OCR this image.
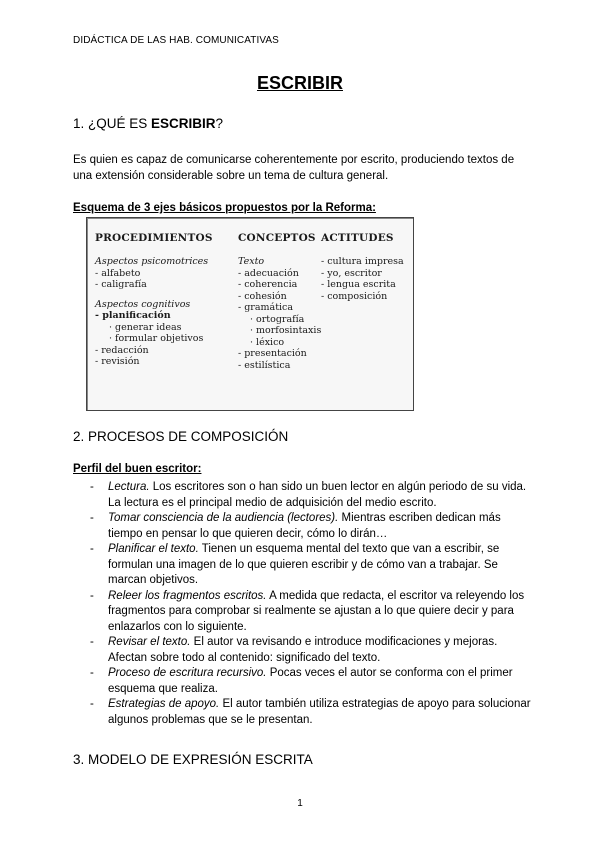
DIDÁCTICA DE LAS HAB. COMUNICATIVAS
ESCRIBIR
1. ¿QUÉ ES ESCRIBIR?
Es quien es capaz de comunicarse coherentemente por escrito, produciendo textos de una extensión considerable sobre un tema de cultura general.
Esquema de 3 ejes básicos propuestos por la Reforma:
PROCEDIMIENTOS
Aspectos psicomotrices
- alfabeto
- caligrafía
Aspectos cognitivos
- planificación
· generar ideas
· formular objetivos
- redacción
- revisión
CONCEPTOS
Texto
- adecuación
- coherencia
- cohesión
- gramática
· ortografía
· morfosintaxis
· léxico
- presentación
- estilística
ACTITUDES
- cultura impresa
- yo, escritor
- lengua escrita
- composición
2. PROCESOS DE COMPOSICIÓN
Perfil del buen escritor:
- Lectura. Los escritores son o han sido un buen lector en algún periodo de su vida. La lectura es el principal medio de adquisición del medio escrito.
- Tomar consciencia de la audiencia (lectores). Mientras escriben dedican más tiempo en pensar lo que quieren decir, cómo lo dirán…
- Planificar el texto. Tienen un esquema mental del texto que van a escribir, se formulan una imagen de lo que quieren escribir y de cómo van a trabajar. Se marcan objetivos.
- Releer los fragmentos escritos. A medida que redacta, el escritor va releyendo los fragmentos para comprobar si realmente se ajustan a lo que quiere decir y para enlazarlos con lo siguiente.
- Revisar el texto. El autor va revisando e introduce modificaciones y mejoras. Afectan sobre todo al contenido: significado del texto.
- Proceso de escritura recursivo. Pocas veces el autor se conforma con el primer esquema que realiza.
- Estrategias de apoyo. El autor también utiliza estrategias de apoyo para solucionar algunos problemas que se le presentan.
3. MODELO DE EXPRESIÓN ESCRITA
1
